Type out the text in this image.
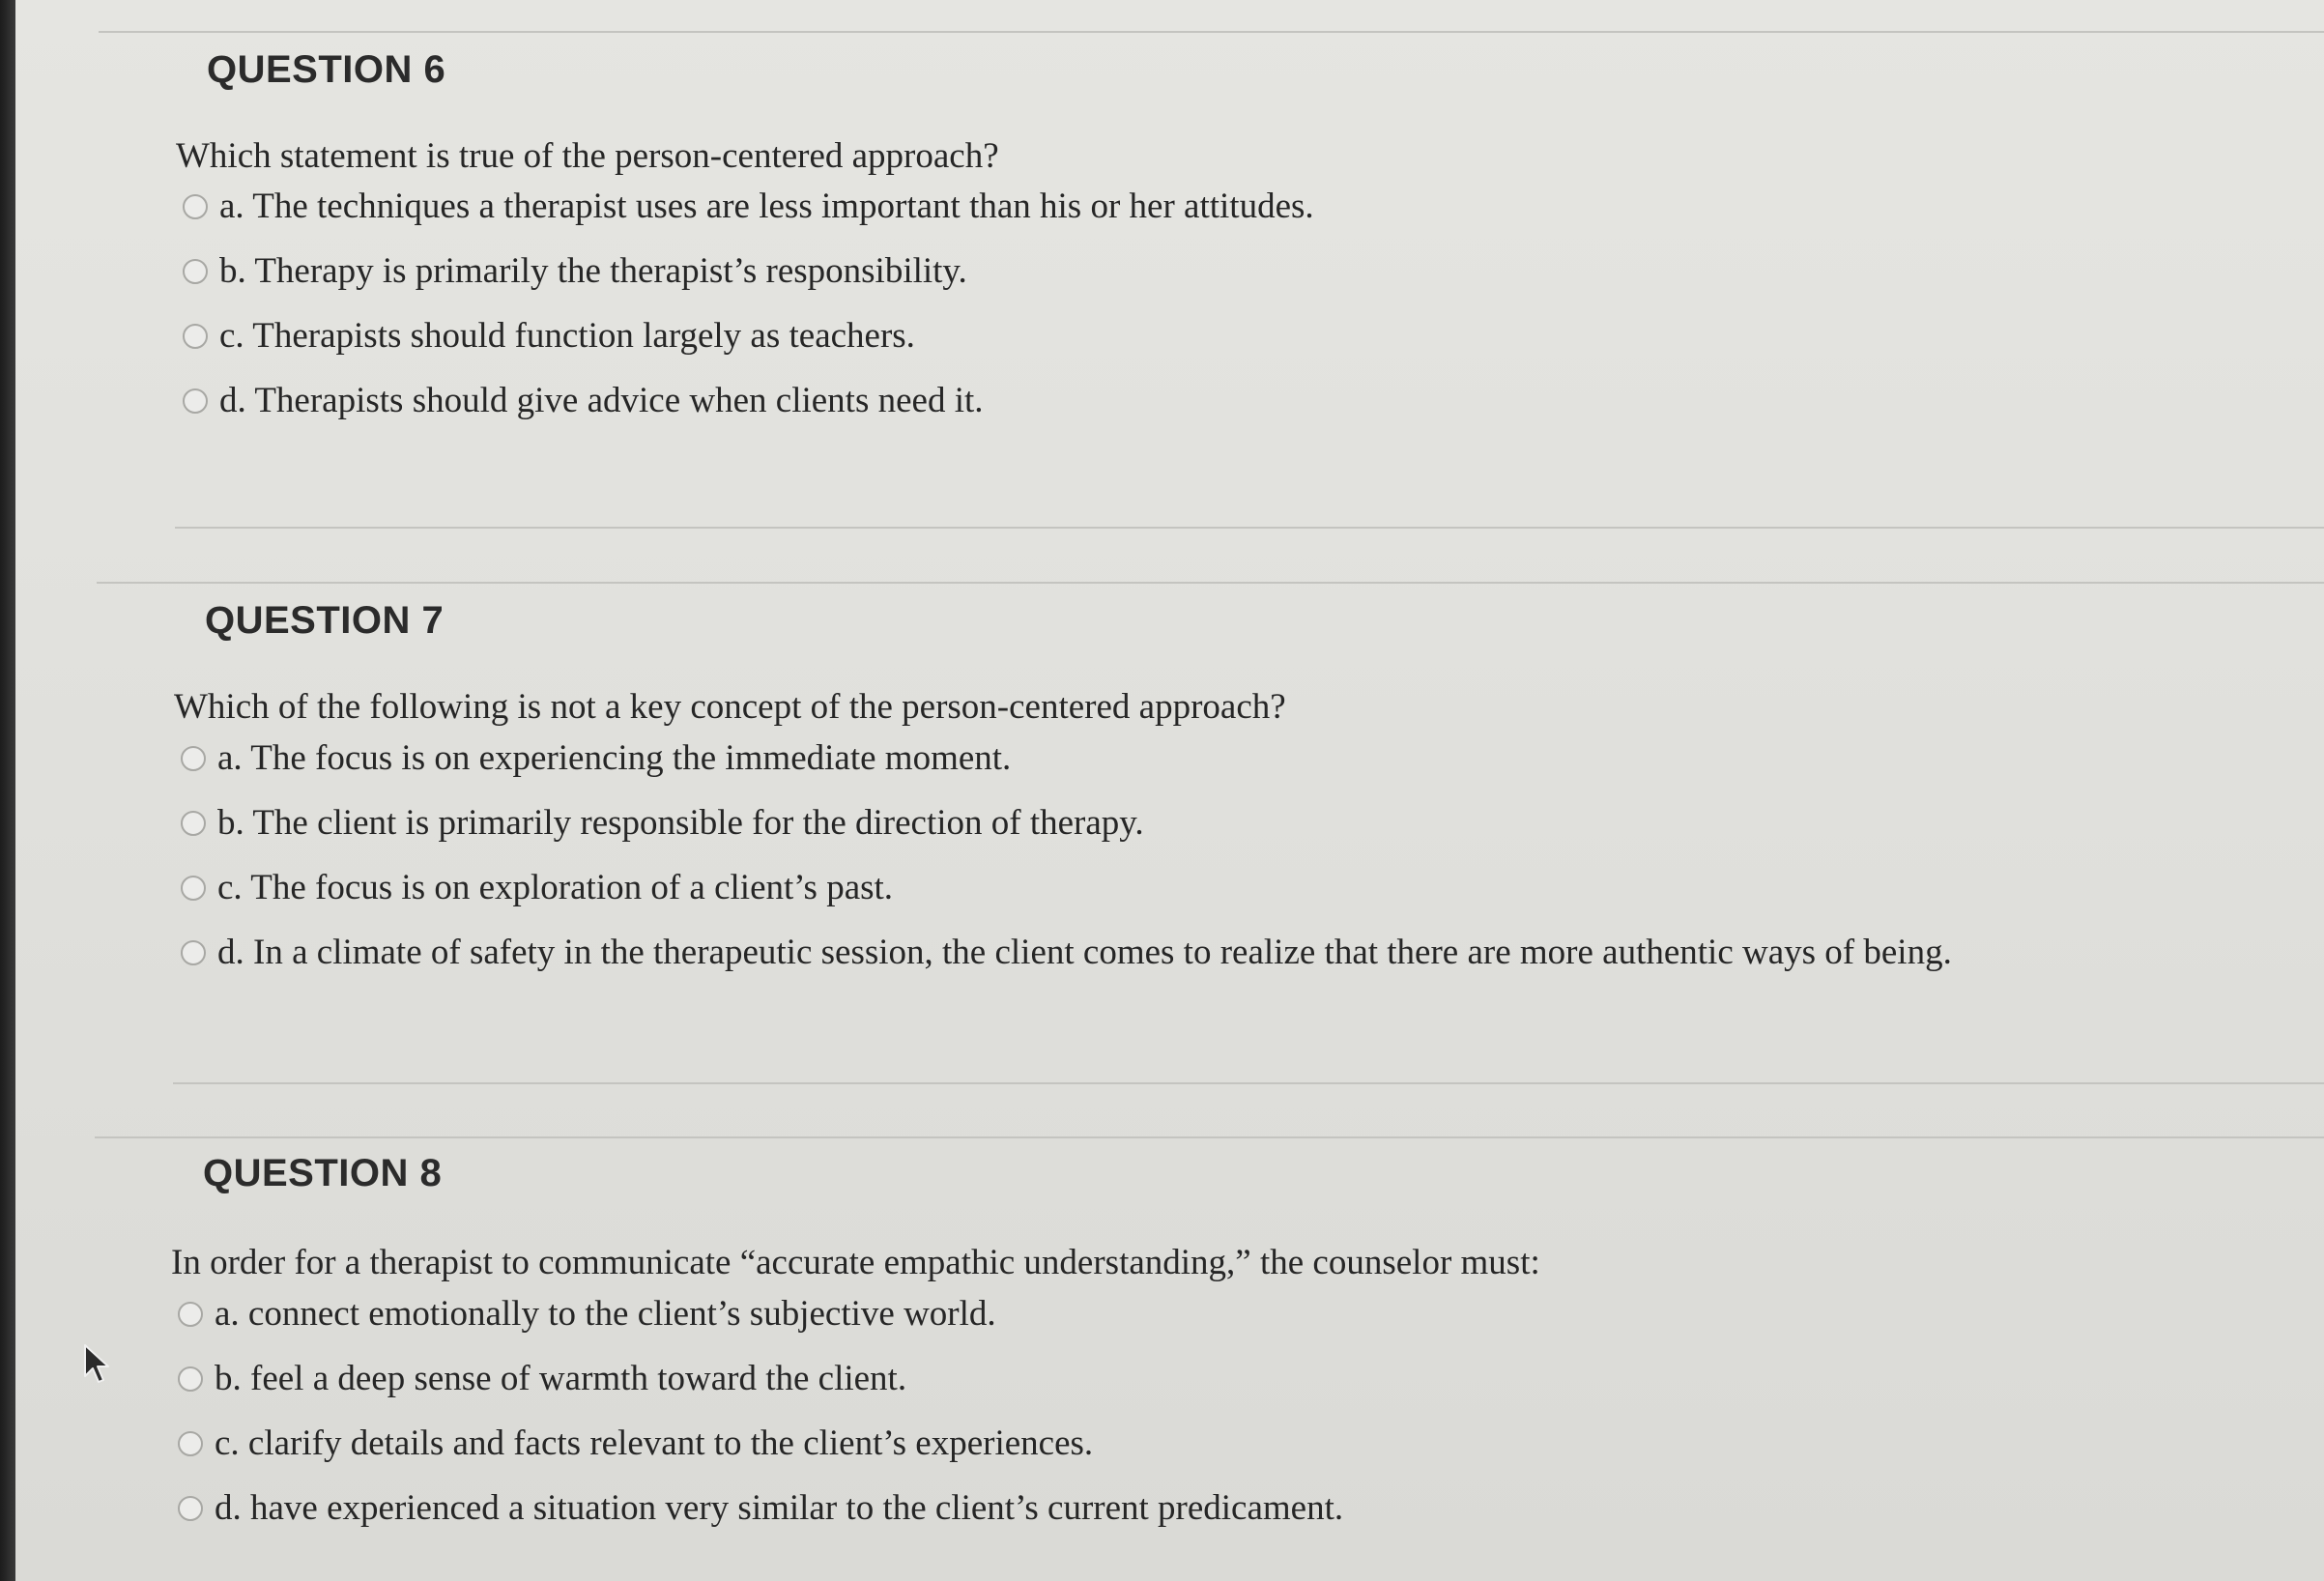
QUESTION 6
Which statement is true of the person-centered approach?
a. The techniques a therapist uses are less important than his or her attitudes.
b. Therapy is primarily the therapist’s responsibility.
c. Therapists should function largely as teachers.
d. Therapists should give advice when clients need it.
QUESTION 7
Which of the following is not a key concept of the person-centered approach?
a. The focus is on experiencing the immediate moment.
b. The client is primarily responsible for the direction of therapy.
c. The focus is on exploration of a client’s past.
d. In a climate of safety in the therapeutic session, the client comes to realize that there are more authentic ways of being.
QUESTION 8
In order for a therapist to communicate “accurate empathic understanding,” the counselor must:
a. connect emotionally to the client’s subjective world.
b. feel a deep sense of warmth toward the client.
c. clarify details and facts relevant to the client’s experiences.
d. have experienced a situation very similar to the client’s current predicament.
